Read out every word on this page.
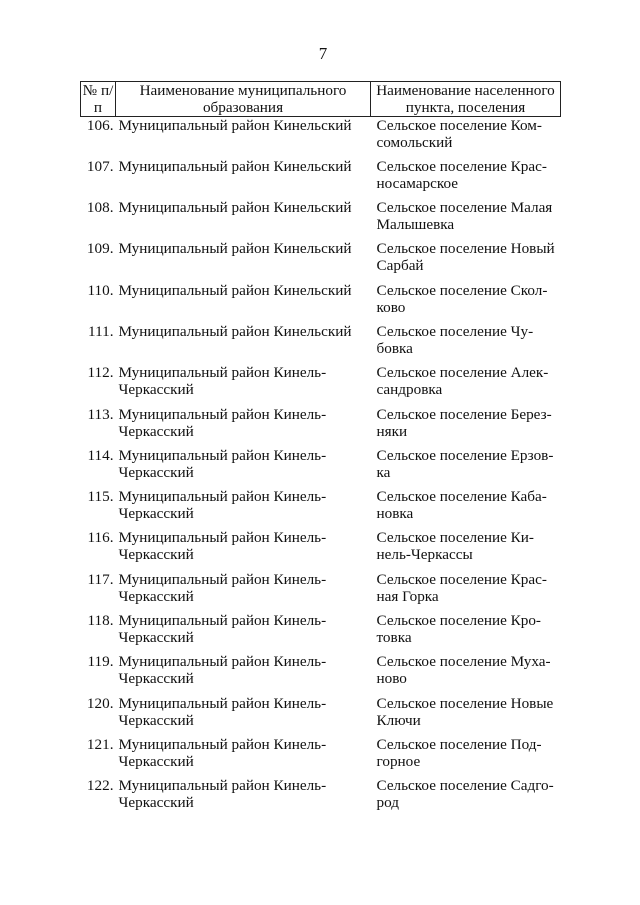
7
№ п/п	Наименование муниципального образования	Наименование населенного пункта, поселения
106.	Муниципальный район Кинельский	Сельское поселение Ком-сомольский
107.	Муниципальный район Кинельский	Сельское поселение Крас-носамарское
108.	Муниципальный район Кинельский	Сельское поселение Малая Малышевка
109.	Муниципальный район Кинельский	Сельское поселение Новый Сарбай
110.	Муниципальный район Кинельский	Сельское поселение Скол-ково
111.	Муниципальный район Кинельский	Сельское поселение Чу-бовка
112.	Муниципальный район Кинель-Черкасский	Сельское поселение Алек-сандровка
113.	Муниципальный район Кинель-Черкасский	Сельское поселение Берез-няки
114.	Муниципальный район Кинель-Черкасский	Сельское поселение Ерзов-ка
115.	Муниципальный район Кинель-Черкасский	Сельское поселение Каба-новка
116.	Муниципальный район Кинель-Черкасский	Сельское поселение Ки-нель-Черкассы
117.	Муниципальный район Кинель-Черкасский	Сельское поселение Крас-ная Горка
118.	Муниципальный район Кинель-Черкасский	Сельское поселение Кро-товка
119.	Муниципальный район Кинель-Черкасский	Сельское поселение Муха-ново
120.	Муниципальный район Кинель-Черкасский	Сельское поселение Новые Ключи
121.	Муниципальный район Кинель-Черкасский	Сельское поселение Под-горное
122.	Муниципальный район Кинель-Черкасский	Сельское поселение Садго-род
